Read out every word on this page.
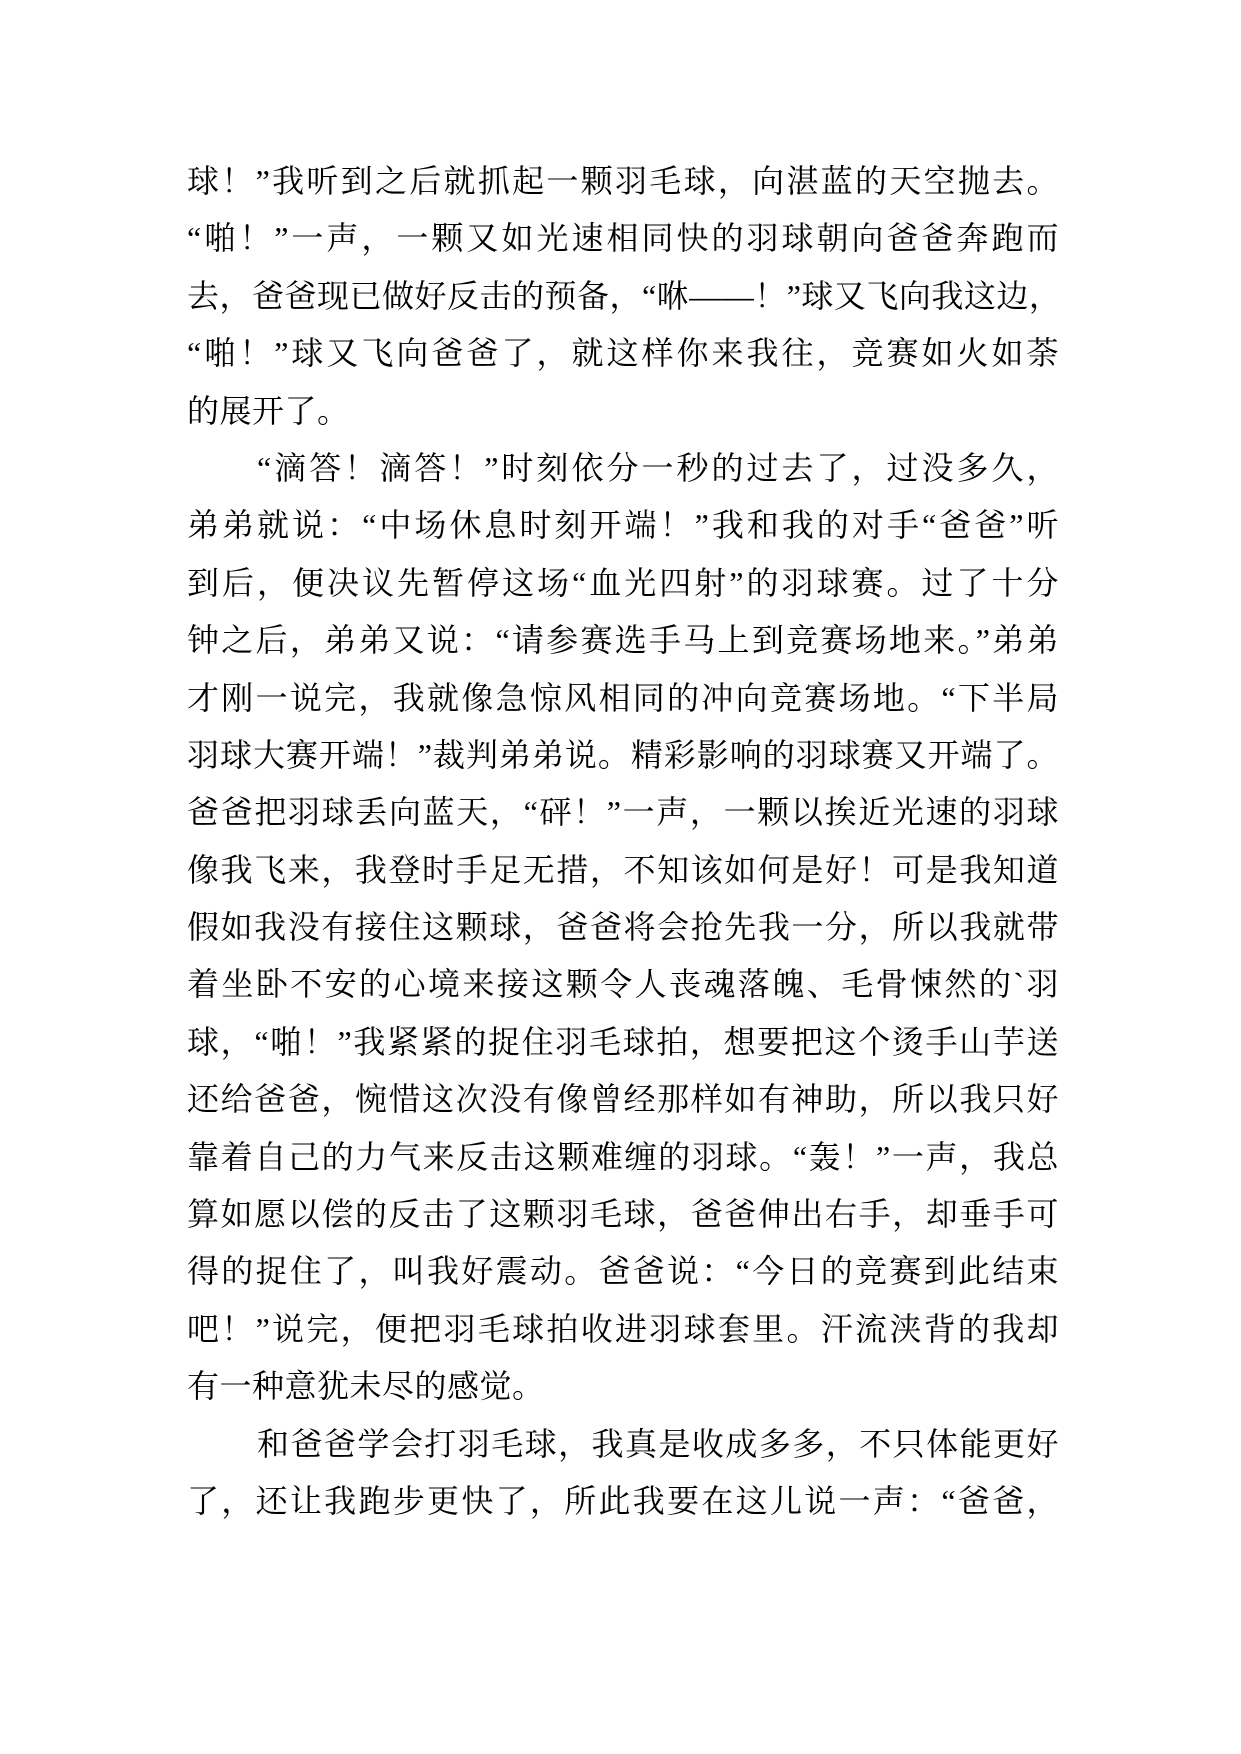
球！”我听到之后就抓起一颗羽毛球，向湛蓝的天空抛去。
“啪！”一声，一颗又如光速相同快的羽球朝向爸爸奔跑而
去，爸爸现已做好反击的预备，“咻——！”球又飞向我这边，
“啪！”球又飞向爸爸了，就这样你来我往，竞赛如火如荼
的展开了。
“滴答！滴答！”时刻依分一秒的过去了，过没多久，
弟弟就说：“中场休息时刻开端！”我和我的对手“爸爸”听
到后，便决议先暂停这场“血光四射”的羽球赛。过了十分
钟之后，弟弟又说：“请参赛选手马上到竞赛场地来。”弟弟
才刚一说完，我就像急惊风相同的冲向竞赛场地。“下半局
羽球大赛开端！”裁判弟弟说。精彩影响的羽球赛又开端了。
爸爸把羽球丢向蓝天，“砰！”一声，一颗以挨近光速的羽球
像我飞来，我登时手足无措，不知该如何是好！可是我知道
假如我没有接住这颗球，爸爸将会抢先我一分，所以我就带
着坐卧不安的心境来接这颗令人丧魂落魄、毛骨悚然的`羽
球，“啪！”我紧紧的捉住羽毛球拍，想要把这个烫手山芋送
还给爸爸，惋惜这次没有像曾经那样如有神助，所以我只好
靠着自己的力气来反击这颗难缠的羽球。“轰！”一声，我总
算如愿以偿的反击了这颗羽毛球，爸爸伸出右手，却垂手可
得的捉住了，叫我好震动。爸爸说：“今日的竞赛到此结束
吧！”说完，便把羽毛球拍收进羽球套里。汗流浃背的我却
有一种意犹未尽的感觉。
和爸爸学会打羽毛球，我真是收成多多，不只体能更好
了，还让我跑步更快了，所此我要在这儿说一声：“爸爸，
